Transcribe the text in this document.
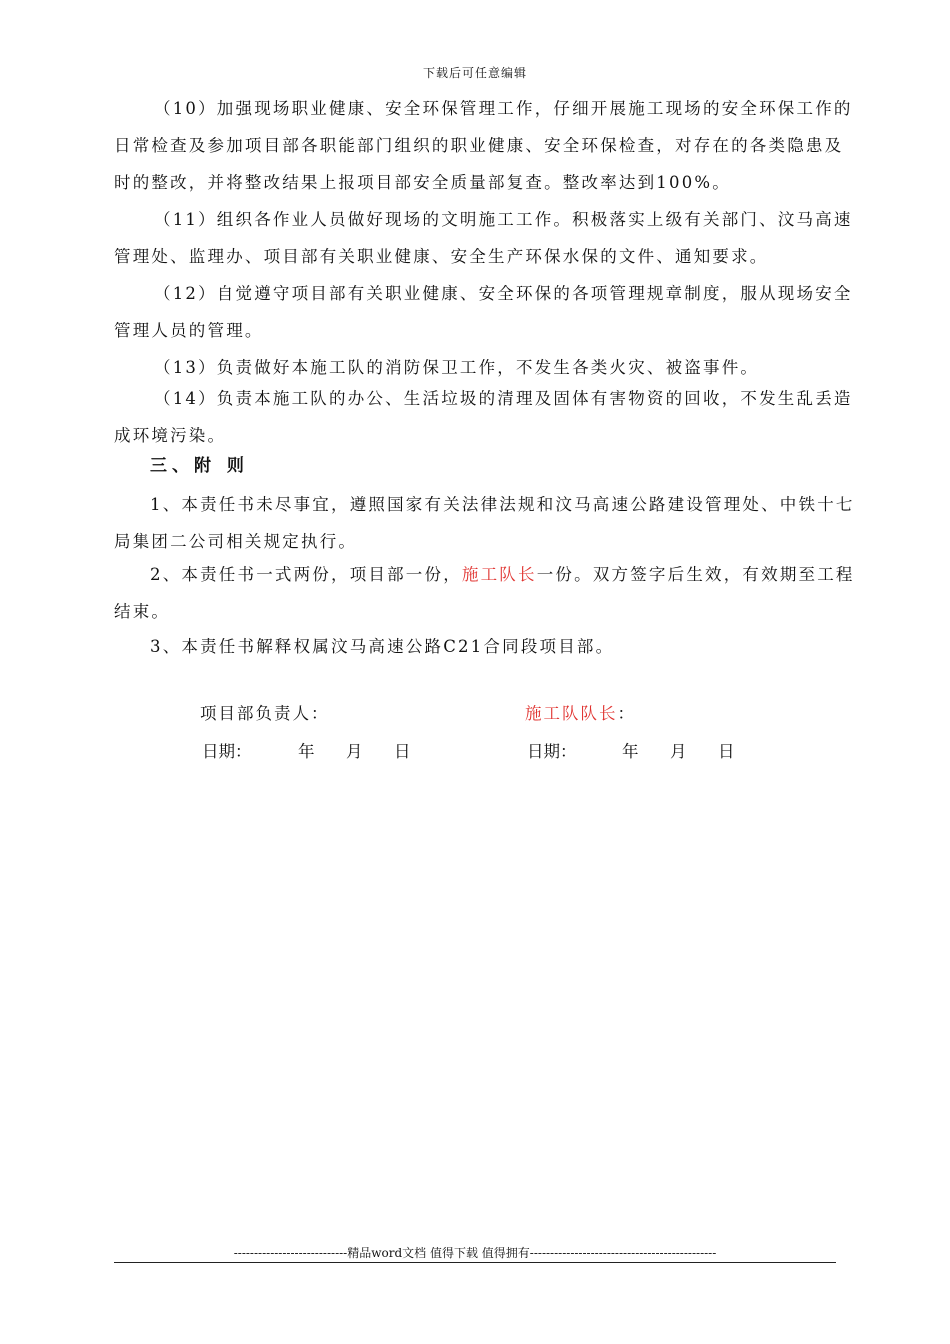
下载后可任意编辑
（10）加强现场职业健康、安全环保管理工作，仔细开展施工现场的安全环保工作的
日常检查及参加项目部各职能部门组织的职业健康、安全环保检查，对存在的各类隐患及
时的整改，并将整改结果上报项目部安全质量部复查。整改率达到100%。
（11）组织各作业人员做好现场的文明施工工作。积极落实上级有关部门、汶马高速
管理处、监理办、项目部有关职业健康、安全生产环保水保的文件、通知要求。
（12）自觉遵守项目部有关职业健康、安全环保的各项管理规章制度，服从现场安全
管理人员的管理。
（13）负责做好本施工队的消防保卫工作，不发生各类火灾、被盗事件。
（14）负责本施工队的办公、生活垃圾的清理及固体有害物资的回收，不发生乱丢造
成环境污染。
三、附 则
1、本责任书未尽事宜，遵照国家有关法律法规和汶马高速公路建设管理处、中铁十七
局集团二公司相关规定执行。
2、本责任书一式两份，项目部一份，施工队长一份。双方签字后生效，有效期至工程
结束。
3、本责任书解释权属汶马高速公路C21合同段项目部。
项目部负责人：	施工队队长：
日期：	年 月 日	日期：	年 月 日
----------------------------精品word文档 值得下载 值得拥有----------------------------------------------
